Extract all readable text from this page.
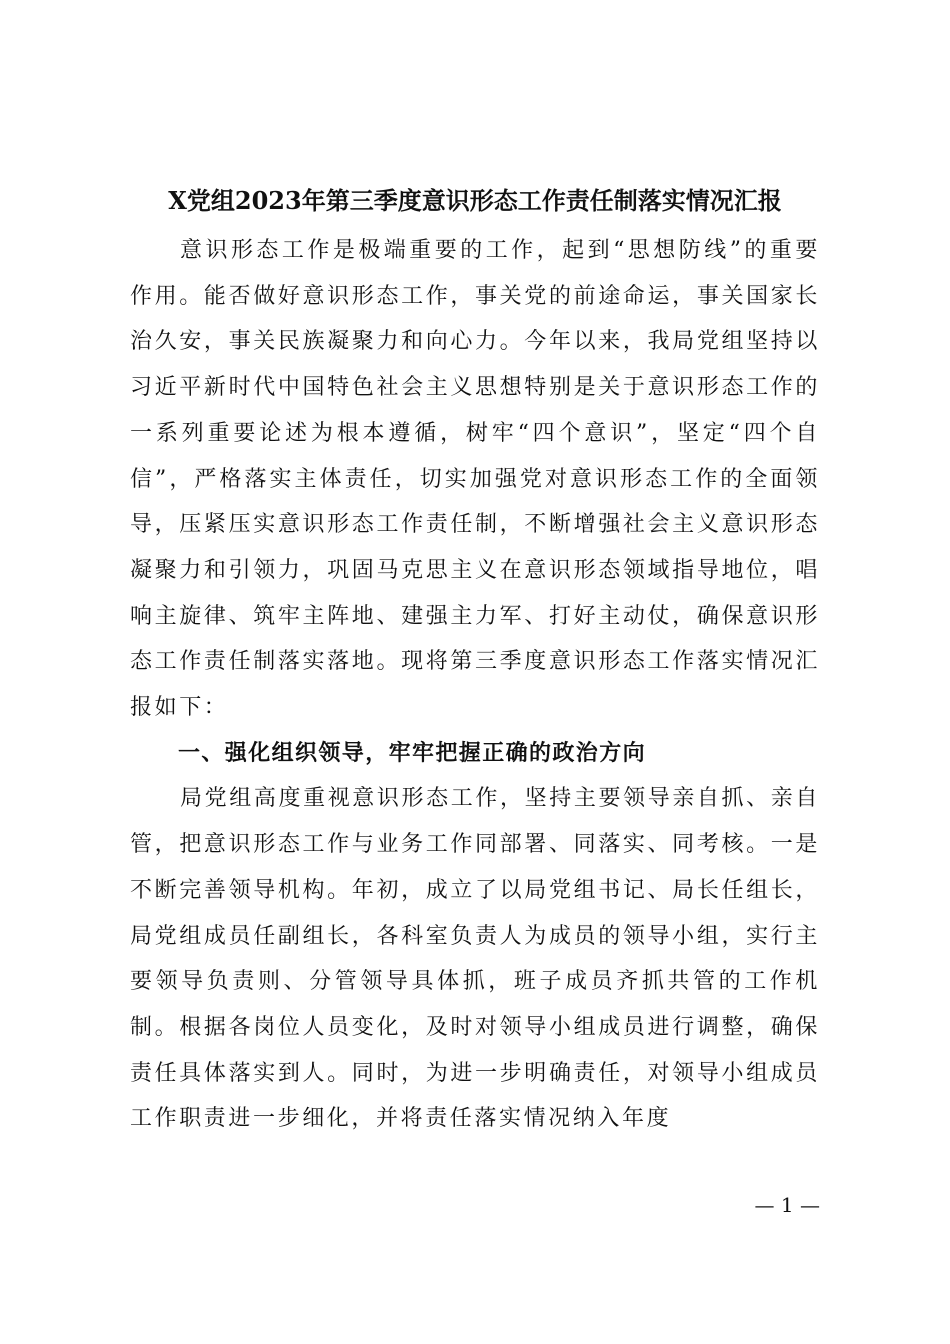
X党组2023年第三季度意识形态工作责任制落实情况汇报

意识形态工作是极端重要的工作，起到“思想防线”的重要作用。能否做好意识形态工作，事关党的前途命运，事关国家长治久安，事关民族凝聚力和向心力。今年以来，我局党组坚持以习近平新时代中国特色社会主义思想特别是关于意识形态工作的一系列重要论述为根本遵循，树牢“四个意识”，坚定“四个自信”，严格落实主体责任，切实加强党对意识形态工作的全面领导，压紧压实意识形态工作责任制，不断增强社会主义意识形态凝聚力和引领力，巩固马克思主义在意识形态领域指导地位，唱响主旋律、筑牢主阵地、建强主力军、打好主动仗，确保意识形态工作责任制落实落地。现将第三季度意识形态工作落实情况汇报如下：

一、强化组织领导，牢牢把握正确的政治方向

局党组高度重视意识形态工作，坚持主要领导亲自抓、亲自管，把意识形态工作与业务工作同部署、同落实、同考核。一是不断完善领导机构。年初，成立了以局党组书记、局长任组长，局党组成员任副组长，各科室负责人为成员的领导小组，实行主要领导负责则、分管领导具体抓，班子成员齐抓共管的工作机制。根据各岗位人员变化，及时对领导小组成员进行调整，确保责任具体落实到人。同时，为进一步明确责任，对领导小组成员工作职责进一步细化，并将责任落实情况纳入年度

— 1 —
